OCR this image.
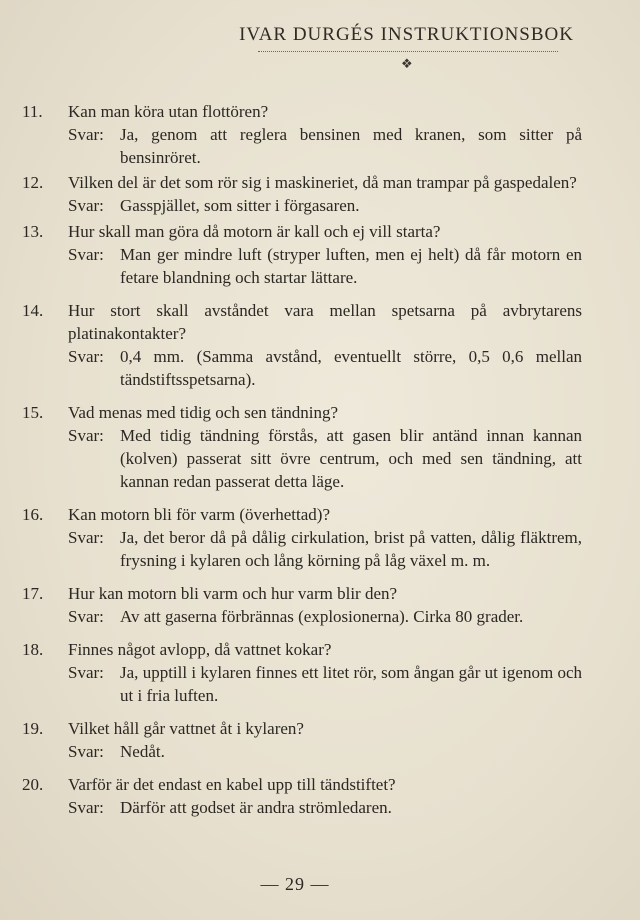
IVAR DURGÉS INSTRUKTIONSBOK
❖
11.	Kan man köra utan flottören?
Svar: Ja, genom att reglera bensinen med kranen, som sitter på bensinröret.
12.	Vilken del är det som rör sig i maskineriet, då man trampar på gaspedalen?
Svar: Gasspjället, som sitter i förgasaren.
13.	Hur skall man göra då motorn är kall och ej vill starta?
Svar: Man ger mindre luft (stryper luften, men ej helt) då får motorn en fetare blandning och startar lättare.
14.	Hur stort skall avståndet vara mellan spetsarna på avbrytarens platinakontakter?
Svar: 0,4 mm. (Samma avstånd, eventuellt större, 0,5 0,6 mellan tändstiftsspetsarna).
15.	Vad menas med tidig och sen tändning?
Svar: Med tidig tändning förstås, att gasen blir antänd innan kannan (kolven) passerat sitt övre centrum, och med sen tändning, att kannan redan passerat detta läge.
16.	Kan motorn bli för varm (överhettad)?
Svar: Ja, det beror då på dålig cirkulation, brist på vatten, dålig fläktrem, frysning i kylaren och lång körning på låg växel m. m.
17.	Hur kan motorn bli varm och hur varm blir den?
Svar: Av att gaserna förbrännas (explosionerna). Cirka 80 grader.
18.	Finnes något avlopp, då vattnet kokar?
Svar: Ja, upptill i kylaren finnes ett litet rör, som ångan går ut igenom och ut i fria luften.
19.	Vilket håll går vattnet åt i kylaren?
Svar: Nedåt.
20.	Varför är det endast en kabel upp till tändstiftet?
Svar: Därför att godset är andra strömledaren.
— 29 —
